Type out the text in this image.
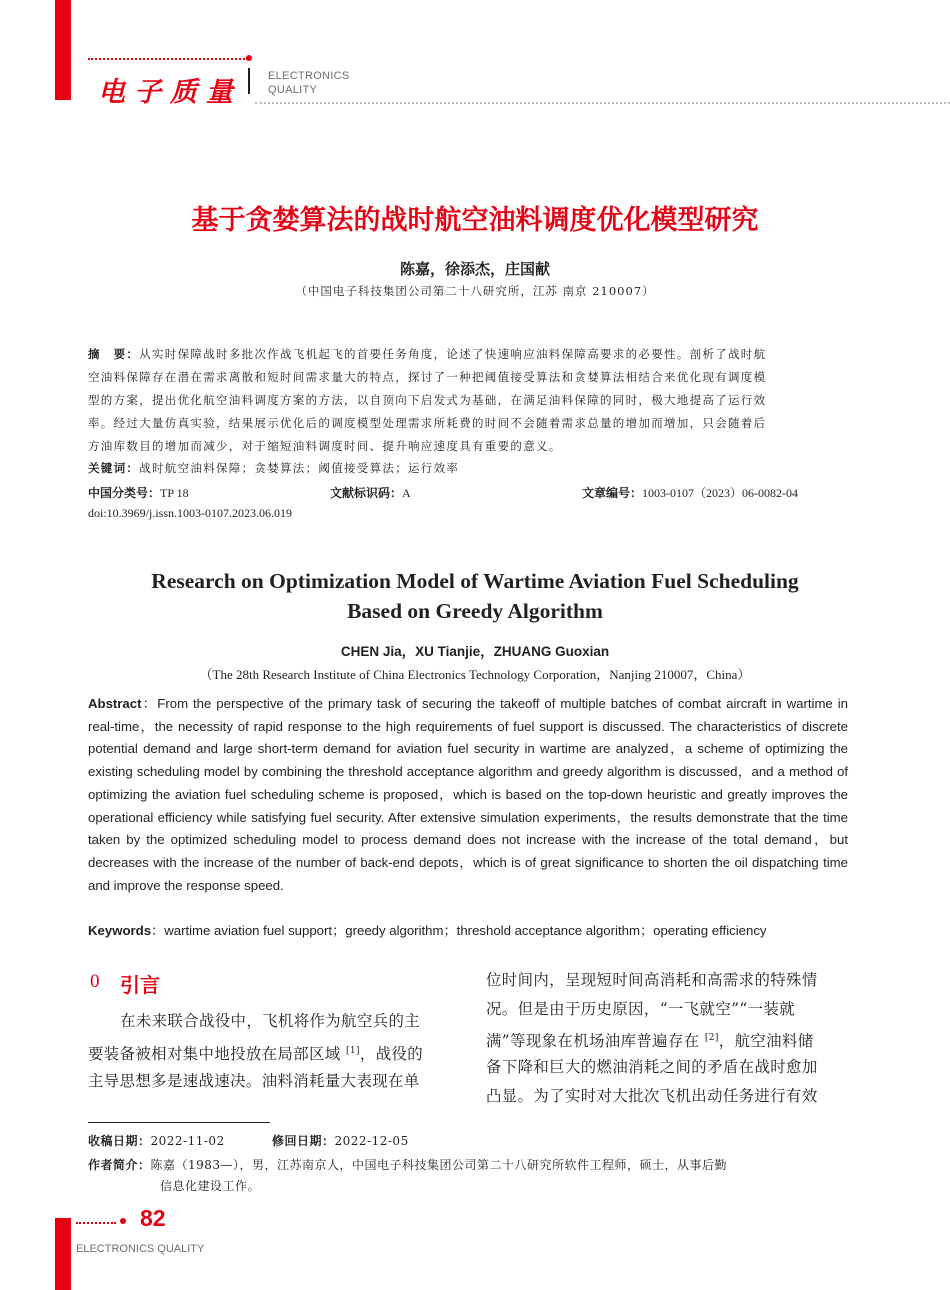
电子质量
ELECTRONICS
QUALITY
基于贪婪算法的战时航空油料调度优化模型研究
陈嘉，徐添杰，庄国献
（中国电子科技集团公司第二十八研究所，江苏 南京 210007）
摘　要：从实时保障战时多批次作战飞机起飞的首要任务角度，论述了快速响应油料保障高要求的必要性。剖析了战时航
空油料保障存在潜在需求离散和短时间需求量大的特点，探讨了一种把阈值接受算法和贪婪算法相结合来优化现有调度模
型的方案，提出优化航空油料调度方案的方法，以自顶向下启发式为基础，在满足油料保障的同时，极大地提高了运行效
率。经过大量仿真实验，结果展示优化后的调度模型处理需求所耗费的时间不会随着需求总量的增加而增加，只会随着后
方油库数目的增加而减少，对于缩短油料调度时间、提升响应速度具有重要的意义。
关键词：战时航空油料保障；贪婪算法；阈值接受算法；运行效率
中国分类号：TP 18	文献标识码：A	文章编号：1003-0107（2023）06-0082-04
doi:10.3969/j.issn.1003-0107.2023.06.019
Research on Optimization Model of Wartime Aviation Fuel Scheduling
Based on Greedy Algorithm
CHEN Jia，XU Tianjie，ZHUANG Guoxian
（The 28th Research Institute of China Electronics Technology Corporation，Nanjing 210007，China）
Abstract：From the perspective of the primary task of securing the takeoff of multiple batches of combat aircraft in wartime in real-time，the necessity of rapid response to the high requirements of fuel support is discussed. The characteristics of discrete potential demand and large short-term demand for aviation fuel security in wartime are analyzed，a scheme of optimizing the existing scheduling model by combining the threshold acceptance algorithm and greedy algorithm is discussed，and a method of optimizing the aviation fuel scheduling scheme is proposed，which is based on the top-down heuristic and greatly improves the operational efficiency while satisfying fuel security. After extensive simulation experiments，the results demonstrate that the time taken by the optimized scheduling model to process demand does not increase with the increase of the total demand，but decreases with the increase of the number of back-end depots，which is of great significance to shorten the oil dispatching time and improve the response speed.
Keywords：wartime aviation fuel support；greedy algorithm；threshold acceptance algorithm；operating efficiency
0 引言
在未来联合战役中，飞机将作为航空兵的主
要装备被相对集中地投放在局部区域 [1]，战役的
主导思想多是速战速决。油料消耗量大表现在单
位时间内，呈现短时间高消耗和高需求的特殊情
况。但是由于历史原因，“一飞就空”“一装就
满”等现象在机场油库普遍存在 [2]，航空油料储
备下降和巨大的燃油消耗之间的矛盾在战时愈加
凸显。为了实时对大批次飞机出动任务进行有效
收稿日期：2022-11-02	修回日期：2022-12-05
作者简介：陈嘉（1983—），男，江苏南京人，中国电子科技集团公司第二十八研究所软件工程师，硕士，从事后勤
信息化建设工作。
82
ELECTRONICS QUALITY
